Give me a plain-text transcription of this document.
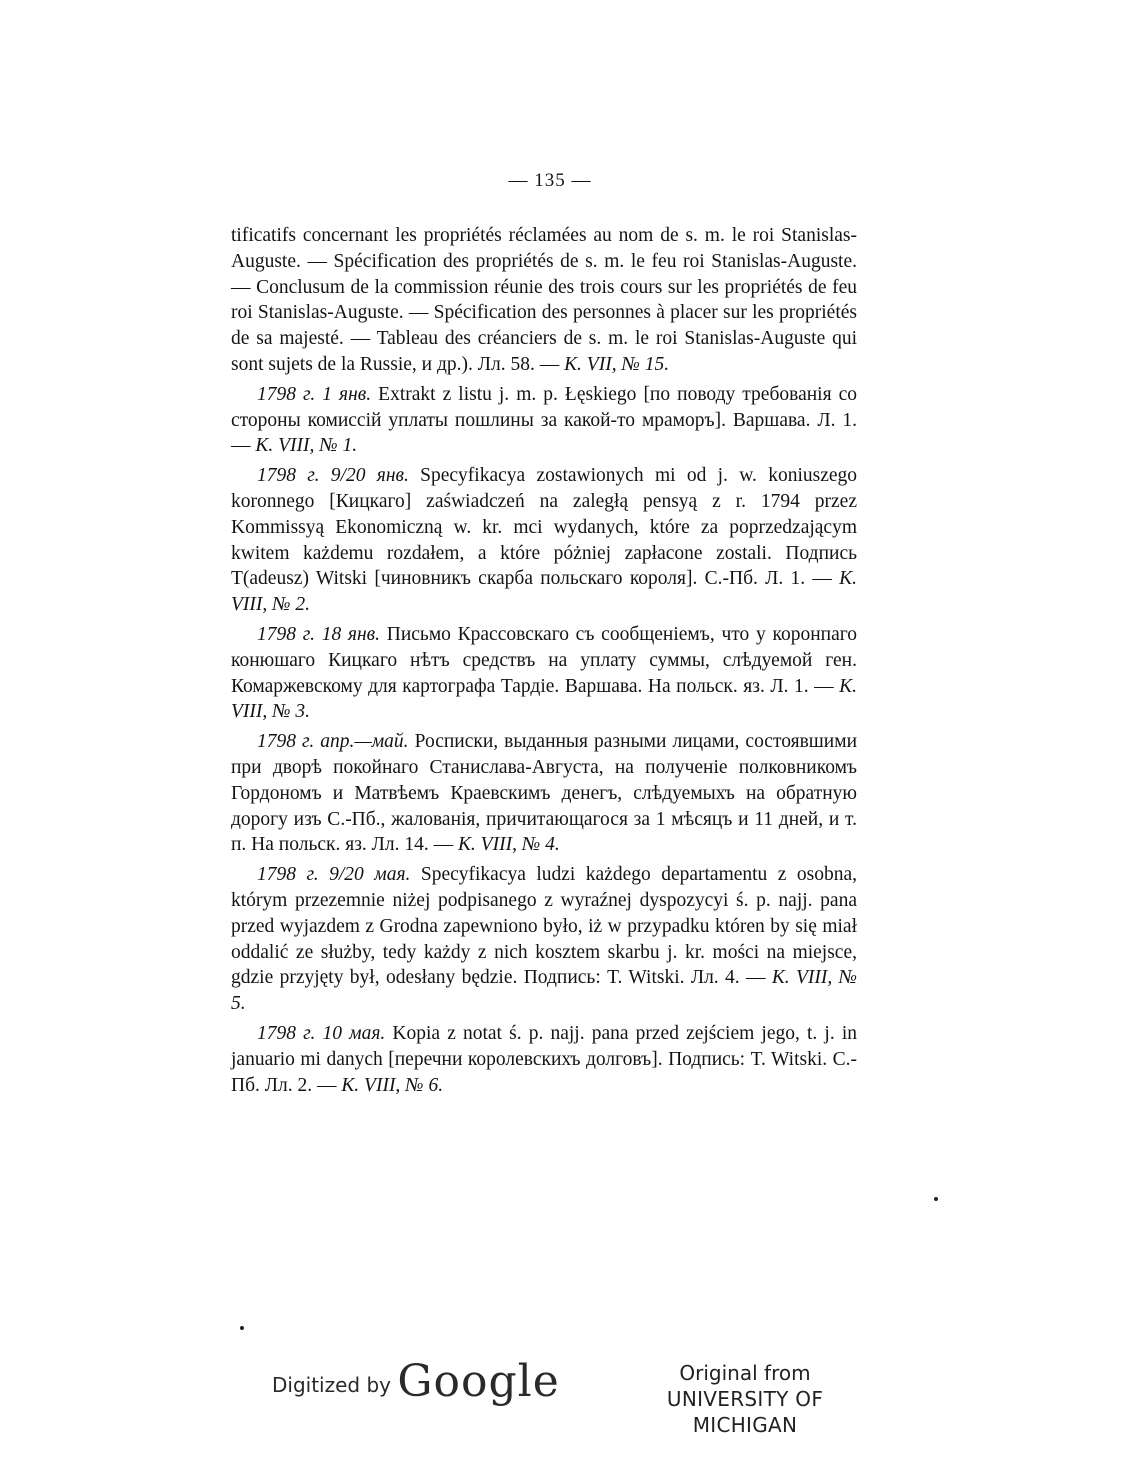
— 135 —

tificatifs concernant les propriétés réclamées au nom de s. m. le roi Stanislas-Auguste. — Spécification des propriétés de s. m. le feu roi Stanislas-Auguste. — Conclusum de la commission réunie des trois cours sur les propriétés de feu roi Stanislas-Auguste. — Spécification des personnes à placer sur les propriétés de sa majesté. — Tableau des créanciers de s. m. le roi Stanislas-Auguste qui sont sujets de la Russie, и др.). Лл. 58. — К. VII, № 15.

1798 г. 1 янв. Extrakt z listu j. m. p. Łęskiego [по поводу требованія со стороны комиссій уплаты пошлины за какой-то мраморъ]. Варшава. Л. 1. — К. VIII, № 1.

1798 г. 9/20 янв. Specyfikacya zostawionych mi od j. w. koniuszego koronnego [Кицкаго] zaświadczeń na zaległą pensyą z r. 1794 przez Kommissyą Ekonomiczną w. kr. mci wydanych, które za poprzedzającym kwitem każdemu rozdałem, a które póżniej zapłacone zostali. Подпись T(adeusz) Witski [чиновникъ скарба польскаго короля]. С.-Пб. Л. 1. — К. VIII, № 2.

1798 г. 18 янв. Письмо Крассовскаго съ сообщеніемъ, что у коронпаго конюшаго Кицкаго нѣтъ средствъ на уплату суммы, слѣдуемой ген. Комаржевскому для картографа Тардіе. Варшава. На польск. яз. Л. 1. — К. VIII, № 3.

1798 г. апр.—май. Росписки, выданныя разными лицами, состоявшими при дворѣ покойнаго Станислава-Августа, на полученіе полковникомъ Гордономъ и Матвѣемъ Краевскимъ денегъ, слѣдуемыхъ на обратную дорогу изъ С.-Пб., жалованія, причитающагося за 1 мѣсяцъ и 11 дней, и т. п. На польск. яз. Лл. 14. — К. VIII, № 4.

1798 г. 9/20 мая. Specyfikacya ludzi każdego departamentu z osobna, którym przezemnie niżej podpisanego z wyraźnej dyspozycyi ś. p. najj. pana przed wyjazdem z Grodna zapewniono było, iż w przypadku któren by się miał oddalić ze służby, tedy każdy z nich kosztem skarbu j. kr. mości na miejsce, gdzie przyjęty był, odesłany będzie. Подпись: T. Witski. Лл. 4. — К. VIII, № 5.

1798 г. 10 мая. Kopia z notat ś. p. najj. pana przed zejściem jego, t. j. in januario mi danych [перечни королевскихъ долговъ]. Подпись: T. Witski. С.-Пб. Лл. 2. — К. VIII, № 6.

Digitized by Google	Original from
UNIVERSITY OF MICHIGAN
